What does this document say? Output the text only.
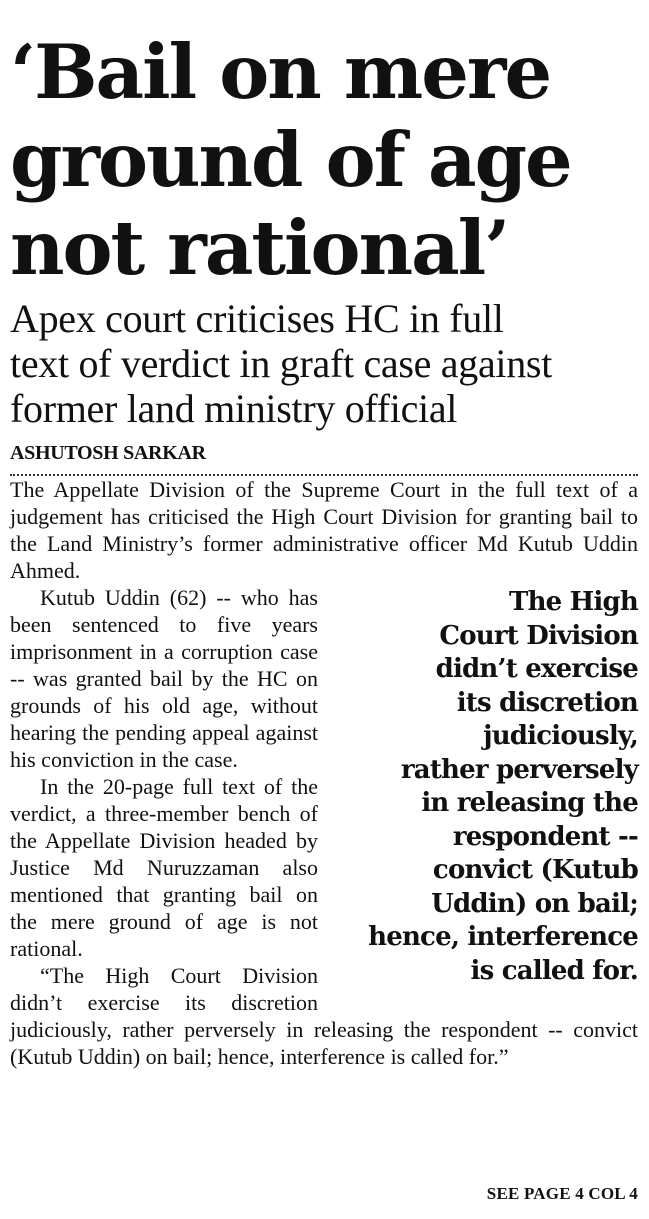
‘Bail on mere
ground of age
not rational’
Apex court criticises HC in full
text of verdict in graft case against
former land ministry official
ASHUTOSH SARKAR

The Appellate Division of the Supreme Court in the full text of a judgement has criticised the High Court Division for granting bail to the Land Ministry’s former administrative officer Md Kutub Uddin Ahmed.

The High
Court Division
didn’t exercise
its discretion
judiciously,
rather perversely
in releasing the
respondent --
convict (Kutub
Uddin) on bail;
hence, interference
is called for.

Kutub Uddin (62) -- who has been sentenced to five years imprisonment in a corruption case -- was granted bail by the HC on grounds of his old age, without hearing the pending appeal against his conviction in the case.

In the 20-page full text of the verdict, a three-member bench of the Appellate Division headed by Justice Md Nuruzzaman also mentioned that granting bail on the mere ground of age is not rational.

“The High Court Division didn’t exercise its discretion judiciously, rather perversely in releasing the respondent -- convict (Kutub Uddin) on bail; hence, interference is called for.”

SEE PAGE 4 COL 4
